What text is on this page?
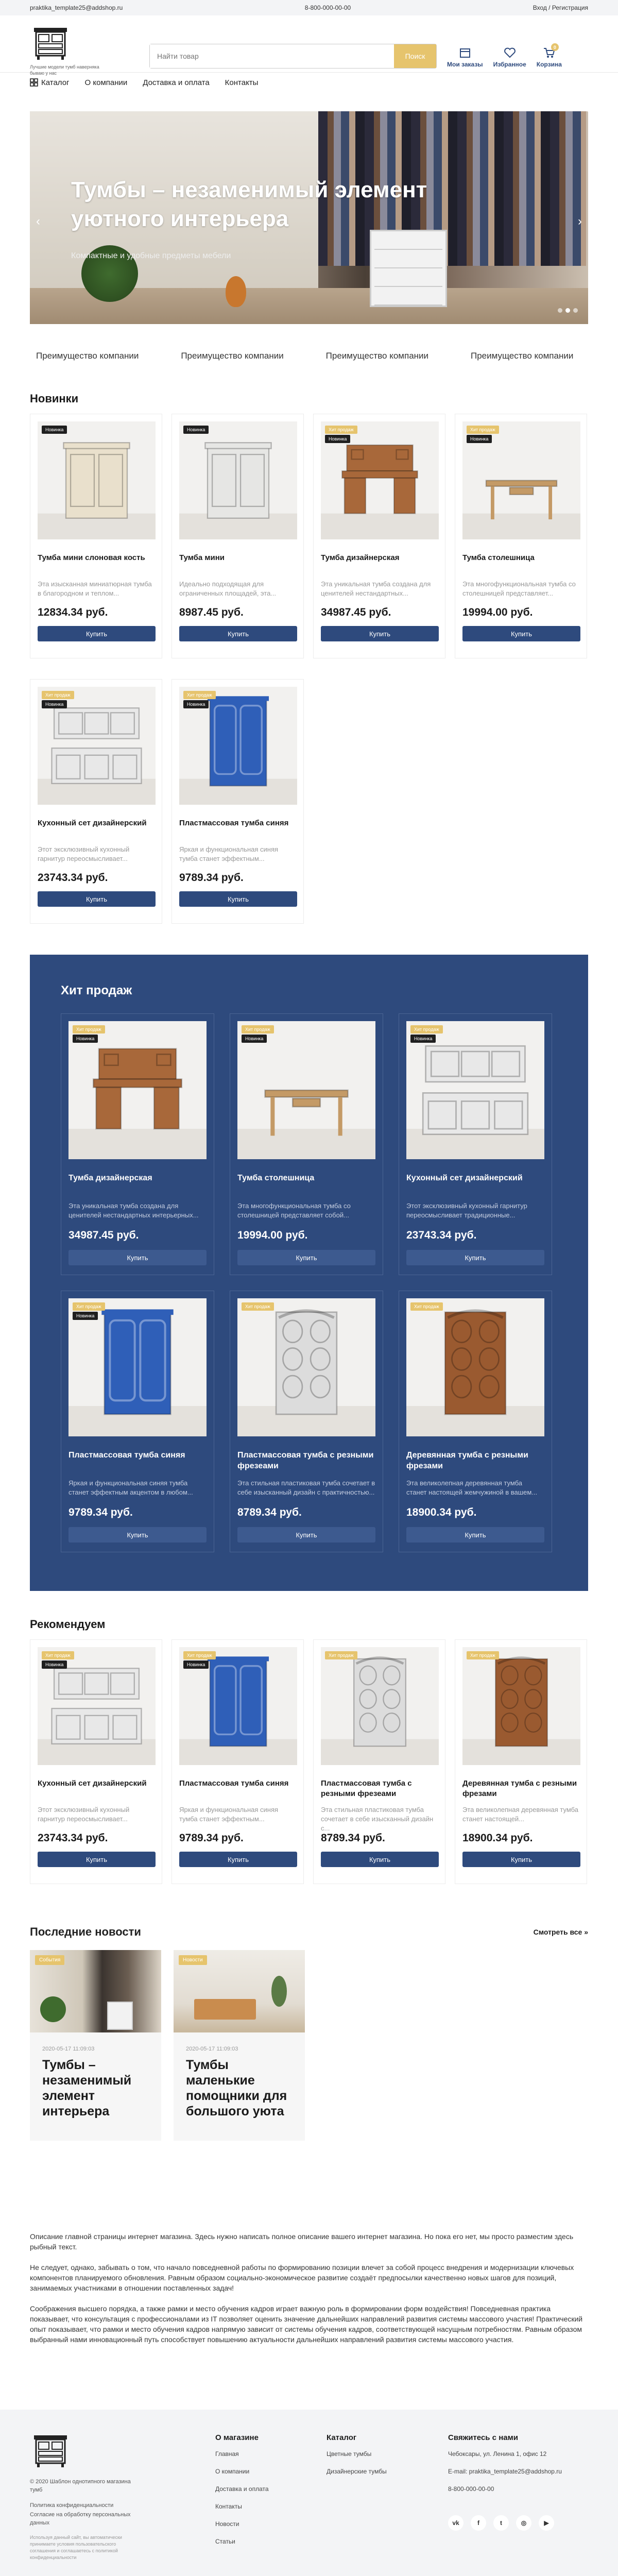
praktika_template25@addshop.ru	8-800-000-00-00	Вход / Регистрация
Лучшие модели тумб наверняка бываю у нас
Найти товар
Поиск
Мои заказы Избранное
0
Корзина
Каталог О компании Доставка и оплата Контакты
Тумбы – незаменимый элемент уютного интерьера
Компактные и удобные предметы мебели
‹	›
Преимущество компании	Преимущество компании	Преимущество компании	Преимущество компании
Новинки
Новинка
Тумба мини слоновая кость

Эта изысканная миниатюрная тумба в благородном и теплом...

12834.34 руб.
Купить
Новинка
Тумба мини

Идеально подходящая для ограниченных площадей, эта...

8987.45 руб.
Купить
Хит продаж
Новинка
Тумба дизайнерская

Эта уникальная тумба создана для ценителей нестандартных...

34987.45 руб.
Купить
Хит продаж
Новинка
Тумба столешница

Эта многофункциональная тумба со столешницей представляет...

19994.00 руб.
Купить
Хит продаж
Новинка
Кухонный сет дизайнерский

Этот эксклюзивный кухонный гарнитур переосмысливает...

23743.34 руб.
Купить
Хит продаж
Новинка
Пластмассовая тумба синяя

Яркая и функциональная синяя тумба станет эффектным...

9789.34 руб.
Купить
Хит продаж
Хит продаж
Новинка
Тумба дизайнерская

Эта уникальная тумба создана для ценителей нестандартных интерьерных...

34987.45 руб.
Купить
Хит продаж
Новинка
Тумба столешница

Эта многофункциональная тумба со столешницей представляет собой...

19994.00 руб.
Купить
Хит продаж
Новинка
Кухонный сет дизайнерский

Этот эксклюзивный кухонный гарнитур переосмысливает традиционные...

23743.34 руб.
Купить
Хит продаж
Новинка
Пластмассовая тумба синяя

Яркая и функциональная синяя тумба станет эффектным акцентом в любом...

9789.34 руб.
Купить
Хит продаж
Пластмассовая тумба с резными фрезеами

Эта стильная пластиковая тумба сочетает в себе изысканный дизайн с практичностью...

8789.34 руб.
Купить
Хит продаж
Деревянная тумба с резными фрезами

Эта великолепная деревянная тумба станет настоящей жемчужиной в вашем...

18900.34 руб.
Купить
Рекомендуем
Хит продаж
Новинка
Кухонный сет дизайнерский

Этот эксклюзивный кухонный гарнитур переосмысливает...

23743.34 руб.
Купить
Хит продаж
Новинка
Пластмассовая тумба синяя

Яркая и функциональная синяя тумба станет эффектным...

9789.34 руб.
Купить
Хит продаж
Пластмассовая тумба с резными фрезеами

Эта стильная пластиковая тумба сочетает в себе изысканный дизайн с...

8789.34 руб.
Купить
Хит продаж
Деревянная тумба с резными фрезами

Эта великолепная деревянная тумба станет настоящей...

18900.34 руб.
Купить
Последние новости	Смотреть все »
События
2020-05-17 11:09:03
Тумбы – незаменимый элемент интерьера
Новости
2020-05-17 11:09:03
Тумбы маленькие помощники для большого уюта

Описание главной страницы интернет магазина. Здесь нужно написать полное описание вашего интернет магазина. Но пока его нет, мы просто разместим здесь рыбный текст.

Не следует, однако, забывать о том, что начало повседневной работы по формированию позиции влечет за собой процесс внедрения и модернизации ключевых компонентов планируемого обновления. Равным образом социально-экономическое развитие создаёт предпосылки качественно новых шагов для позиций, занимаемых участниками в отношении поставленных задач!

Соображения высшего порядка, а также рамки и место обучения кадров играет важную роль в формировании форм воздействия! Повседневная практика показывает, что консультация с профессионалами из IT позволяет оценить значение дальнейших направлений развития системы массового участия! Практический опыт показывает, что рамки и место обучения кадров напрямую зависит от системы обучения кадров, соответствующей насущным потребностям. Равным образом выбранный нами инновационный путь способствует повышению актуальности дальнейших направлений развития системы массового участия.

© 2020 Шаблон однотипного магазина тумб
Политика конфиденциальности
Согласие на обработку персональных данных
Используя данный сайт, вы автоматически принимаете условия пользовательского соглашения и соглашаетесь с политикой конфиденциальности
О магазине
Главная
О компании
Доставка и оплата
Контакты
Новости
Статьи
Каталог
Цветные тумбы
Дизайнерские тумбы
Свяжитесь с нами
Чебоксары, ул. Ленина 1, офис 12
E-mail: praktika_template25@addshop.ru
8-800-000-00-00
vk	f	t	◎	▶
